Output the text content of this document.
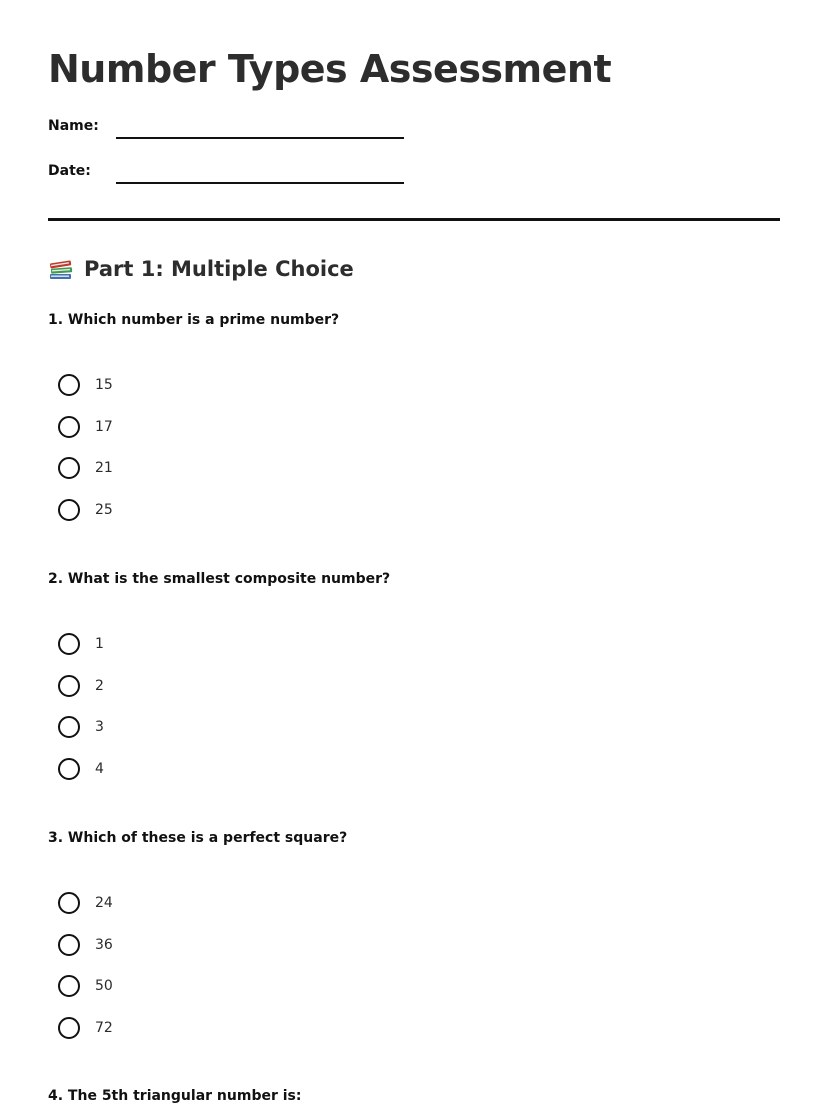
Number Types Assessment
Name:
Date:
Part 1: Multiple Choice
1. Which number is a prime number?
15
17
21
25
2. What is the smallest composite number?
1
2
3
4
3. Which of these is a perfect square?
24
36
50
72
4. The 5th triangular number is:
